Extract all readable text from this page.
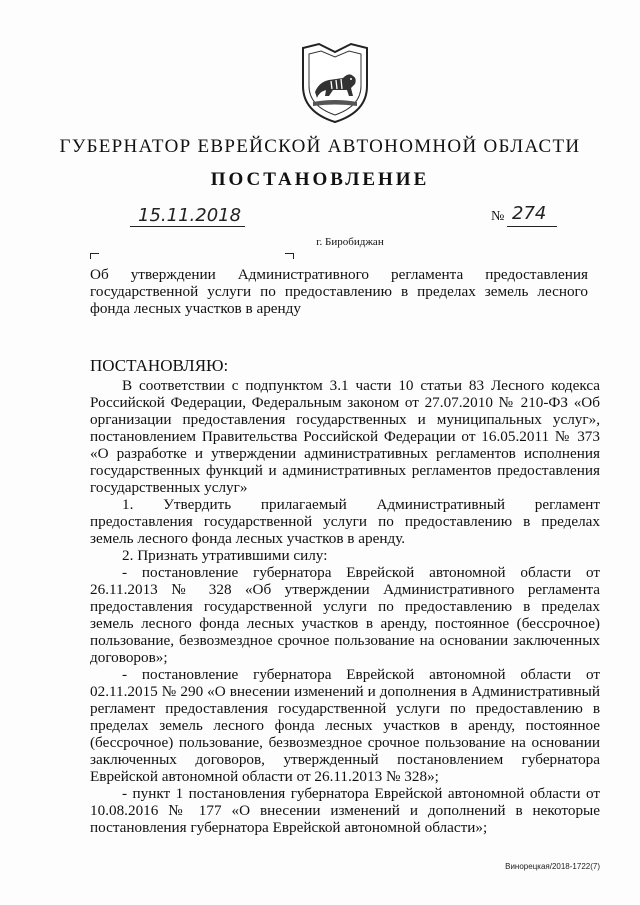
ГУБЕРНАТОР ЕВРЕЙСКОЙ АВТОНОМНОЙ ОБЛАСТИ
ПОСТАНОВЛЕНИЕ
15.11.2018	№ 274
г. Биробиджан
Об утверждении Административного регламента предоставления государственной услуги по предоставлению в пределах земель лесного фонда лесных участков в аренду
ПОСТАНОВЛЯЮ:

В соответствии с подпунктом 3.1 части 10 статьи 83 Лесного кодекса Российской Федерации, Федеральным законом от 27.07.2010 № 210-ФЗ «Об организации предоставления государственных и муниципальных услуг», постановлением Правительства Российской Федерации от 16.05.2011 № 373 «О разработке и утверждении административных регламентов исполнения государственных функций и административных регламентов предоставления государственных услуг»

1. Утвердить прилагаемый Административный регламент предоставления государственной услуги по предоставлению в пределах земель лесного фонда лесных участков в аренду.

2. Признать утратившими силу:

- постановление губернатора Еврейской автономной области от 26.11.2013 № 328 «Об утверждении Административного регламента предоставления государственной услуги по предоставлению в пределах земель лесного фонда лесных участков в аренду, постоянное (бессрочное) пользование, безвозмездное срочное пользование на основании заключенных договоров»;

- постановление губернатора Еврейской автономной области от 02.11.2015 № 290 «О внесении изменений и дополнения в Административный регламент предоставления государственной услуги по предоставлению в пределах земель лесного фонда лесных участков в аренду, постоянное (бессрочное) пользование, безвозмездное срочное пользование на основании заключенных договоров, утвержденный постановлением губернатора Еврейской автономной области от 26.11.2013 № 328»;

- пункт 1 постановления губернатора Еврейской автономной области от 10.08.2016 № 177 «О внесении изменений и дополнений в некоторые постановления губернатора Еврейской автономной области»;

Винорецкая/2018-1722(7)
